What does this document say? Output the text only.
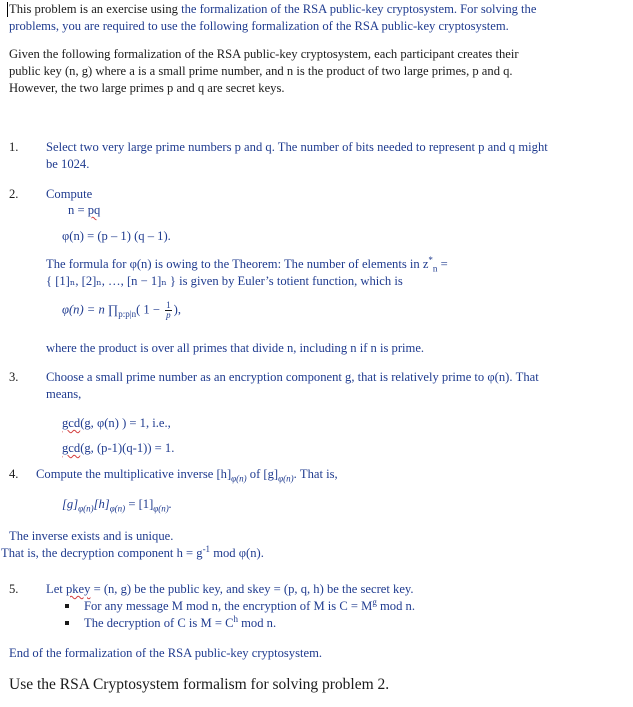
This problem is an exercise using the formalization of the RSA public-key cryptosystem. For solving the
problems, you are required to use the following formalization of the RSA public-key cryptosystem.
Given the following formalization of the RSA public-key cryptosystem, each participant creates their
public key (n, g) where a is a small prime number, and n is the product of two large primes, p and q.
However, the two large primes p and q are secret keys.
1. Select two very large prime numbers p and q. The number of bits needed to represent p and q might
be 1024.
2. Compute
n = pq
φ(n) = (p – 1) (q – 1).
The formula for φ(n) is owing to the Theorem: The number of elements in $z^*_n$ =
{ [1]ₙ, [2]ₙ, …, [n − 1]ₙ } is given by Euler’s totient function, which is
φ(n) = n $\prod_{p:p|n}$( $1 - \frac{1}{p}$ ),
where the product is over all primes that divide n, including n if n is prime.
3. Choose a small prime number as an encryption component g, that is relatively prime to φ(n). That
means,
gcd(g, φ(n) ) = 1, i.e.,
gcd(g, (p-1)(q-1)) = 1.
4. Compute the multiplicative inverse $[h]_{\varphi(n)}$ of $[g]_{\varphi(n)}$. That is,
$[g]_{\varphi(n)}[h]_{\varphi(n)} = [1]_{\varphi(n)}$.
The inverse exists and is unique.
That is, the decryption component $h = g^{-1}$ mod φ(n).
5. Let pkey = (n, g) be the public key, and skey = (p, q, h) be the secret key.
For any message M mod n, the encryption of M is $C = M^g$ mod n.
The decryption of C is $M = C^h$ mod n.
End of the formalization of the RSA public-key cryptosystem.
Use the RSA Cryptosystem formalism for solving problem 2.
